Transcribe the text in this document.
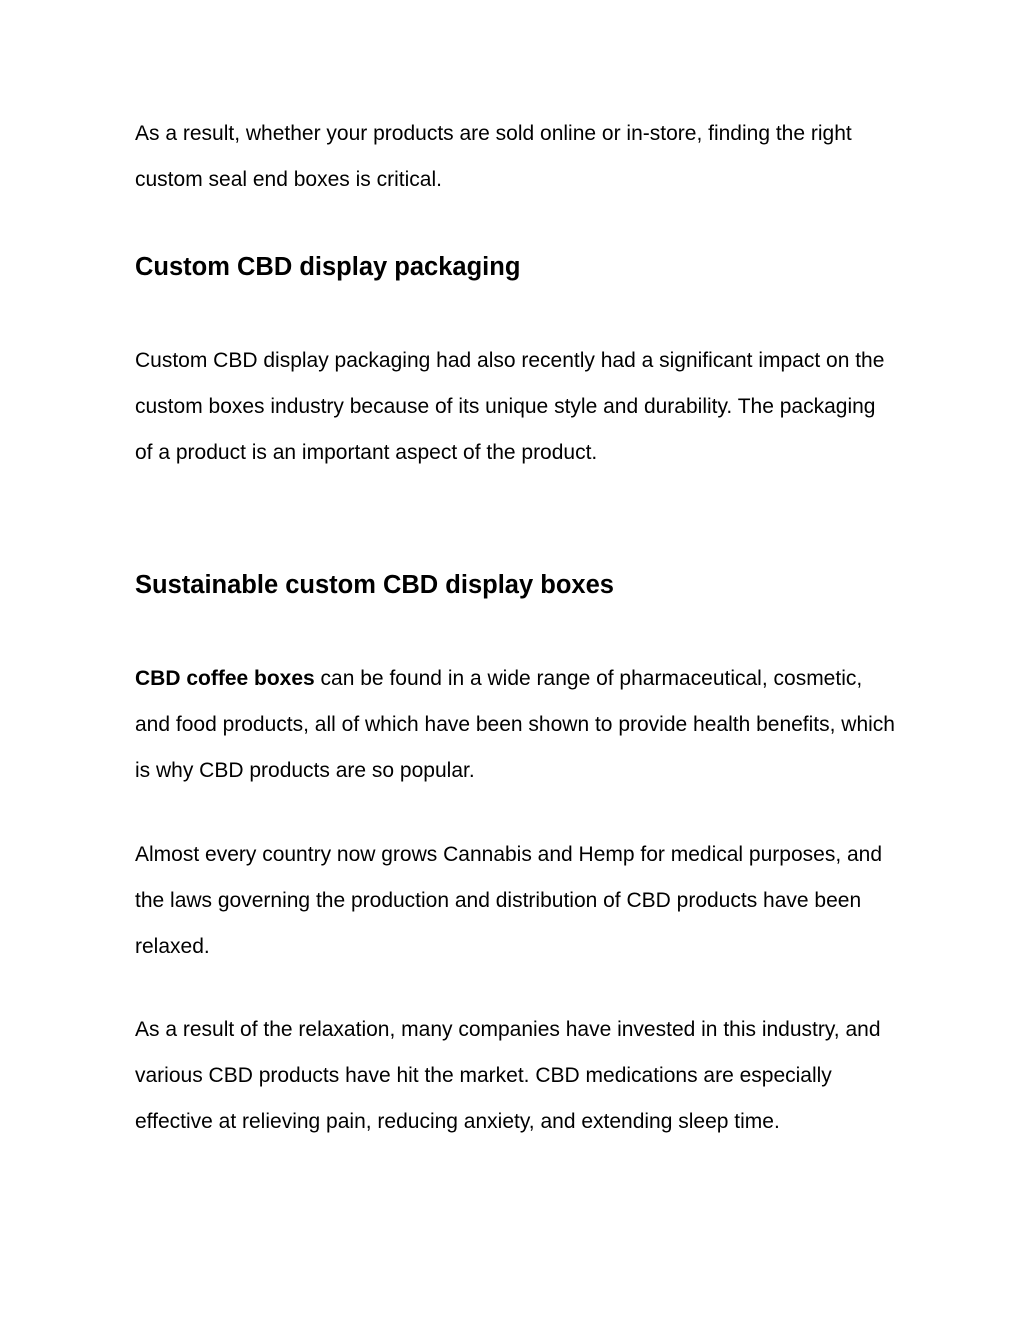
As a result, whether your products are sold online or in-store, finding the right custom seal end boxes is critical.

Custom CBD display packaging

Custom CBD display packaging had also recently had a significant impact on the custom boxes industry because of its unique style and durability. The packaging of a product is an important aspect of the product.

Sustainable custom CBD display boxes

CBD coffee boxes can be found in a wide range of pharmaceutical, cosmetic, and food products, all of which have been shown to provide health benefits, which is why CBD products are so popular.

Almost every country now grows Cannabis and Hemp for medical purposes, and the laws governing the production and distribution of CBD products have been relaxed.

As a result of the relaxation, many companies have invested in this industry, and various CBD products have hit the market. CBD medications are especially effective at relieving pain, reducing anxiety, and extending sleep time.
